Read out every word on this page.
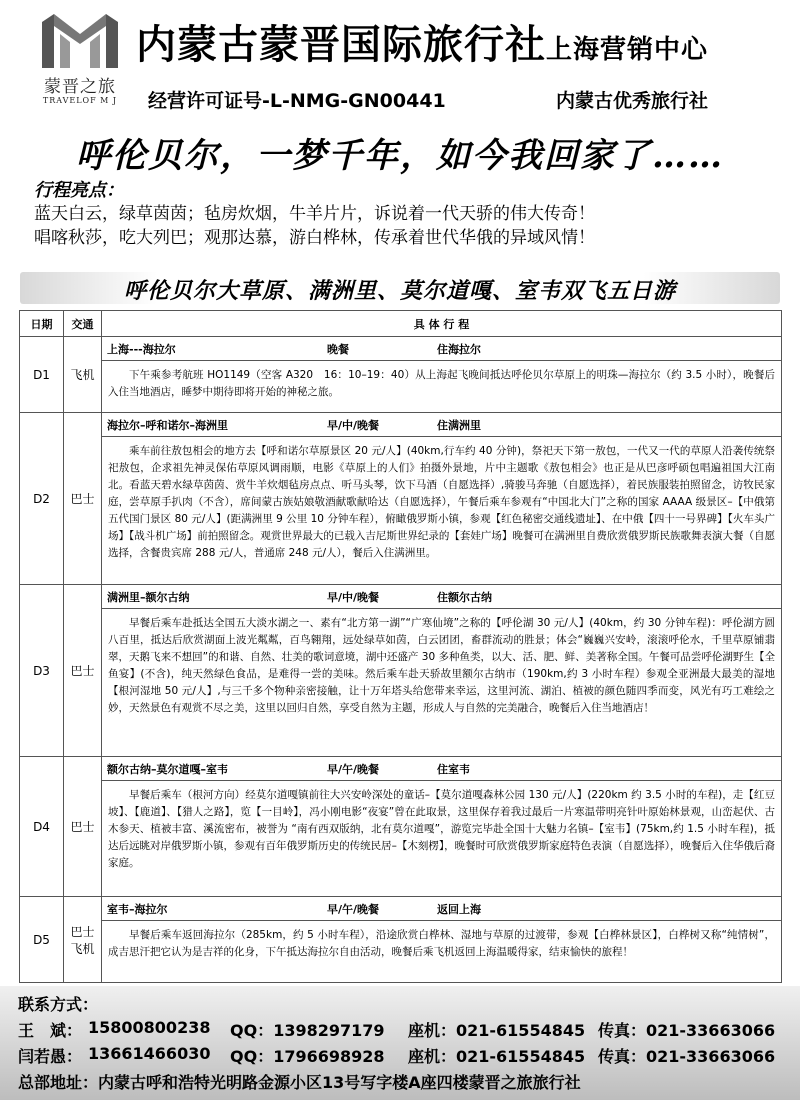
蒙晋之旅
TRAVELOF M J
内蒙古蒙晋国际旅行社上海营销中心
经营许可证号-L-NMG-GN00441	内蒙古优秀旅行社
呼伦贝尔，一梦千年，如今我回家了……
行程亮点：
蓝天白云，绿草茵茵；毡房炊烟，牛羊片片，诉说着一代天骄的伟大传奇！
唱喀秋莎，吃大列巴；观那达慕，游白桦林，传承着世代华俄的异域风情！
呼伦贝尔大草原、满洲里、莫尔道嘎、室韦双飞五日游
日期	交通	具 体 行 程
D1	飞机	上海---海拉尔 晚餐 住海拉尔
下午乘参考航班 HO1149（空客 A320　16：10–19：40）从上海起飞晚间抵达呼伦贝尔草原上的明珠—海拉尔（约 3.5 小时），晚餐后入住当地酒店，睡梦中期待即将开始的神秘之旅。

D2	巴士	海拉尔–呼和诺尔–海洲里 早/中/晚餐 住满洲里
乘车前往敖包相会的地方去【呼和诺尔草原景区 20 元/人】(40km,行车约 40 分钟)，祭祀天下第一敖包，一代又一代的草原人沿袭传统祭祀敖包，企求祖先神灵保佑草原风调雨顺，电影《草原上的人们》拍摄外景地，片中主题歌《敖包相会》也正是从巴彦呼硕包唱遍祖国大江南北。看蓝天碧水绿草茵茵、赏牛羊炊烟毡房点点、听马头琴，饮下马酒（自愿选择）,骑骏马奔驰（自愿选择），着民族服装拍照留念，访牧民家庭，尝草原手扒肉（不含），席间蒙古族姑娘敬酒献歌献哈达（自愿选择），午餐后乘车参观有“中国北大门”之称的国家 AAAA 级景区–【中俄第五代国门景区 80 元/人】(距满洲里 9 公里 10 分钟车程），俯瞰俄罗斯小镇，参观【红色秘密交通线遗址】、在中俄【四十一号界碑】【火车头广场】【战斗机广场】前拍照留念。观赏世界最大的已载入吉尼斯世界纪录的【套娃广场】晚餐可在满洲里自费欣赏俄罗斯民族歌舞表演大餐（自愿选择，含餐贵宾席 288 元/人，普通席 248 元/人），餐后入住满洲里。

D3	巴士	满洲里–额尔古纳 早/中/晚餐 住额尔古纳
早餐后乘车赴抵达全国五大淡水湖之一、素有“北方第一湖”“广寒仙境”之称的【呼伦湖 30 元/人】(40km，约 30 分钟车程)：呼伦湖方圆八百里，抵达后欣赏湖面上波光粼粼，百鸟翱翔，远处绿草如茵，白云团团，畜群流动的胜景；体会“巍巍兴安岭，滚滚呼伦水，千里草原铺翡翠，天鹅飞来不想回”的和谐、自然、壮美的歌词意境，湖中还盛产 30 多种鱼类，以大、活、肥、鲜、美著称全国。午餐可品尝呼伦湖野生【全鱼宴】(不含)，纯天然绿色食品，是难得一尝的美味。然后乘车赴天骄故里额尔古纳市（190km,约 3 小时车程）参观全亚洲最大最美的湿地【根河湿地 50 元/人】,与三千多个物种亲密接触，让十万年塔头给您带来幸运，这里河流、湖泊、植被的颜色随四季而变，风光有巧工难绘之妙，天然景色有观赏不尽之美，这里以回归自然，享受自然为主题，形成人与自然的完美融合，晚餐后入住当地酒店！

D4	巴士	额尔古纳–莫尔道嘎–室韦 早/午/晚餐 住室韦
早餐后乘车（根河方向）经莫尔道嘎镇前往大兴安岭深处的童话–【莫尔道嘎森林公园 130 元/人】(220km 约 3.5 小时的车程)，走【红豆坡】、【鹿道】、【猎人之路】，览【一目岭】，冯小刚电影“夜宴”曾在此取景，这里保存着我过最后一片寒温带明亮针叶原始林景观，山峦起伏、古木参天、植被丰富、溪流密布，被誉为 “南有西双版纳，北有莫尔道嘎”，游览完毕赴全国十大魅力名镇–【室韦】(75km,约 1.5 小时车程)，抵达后远眺对岸俄罗斯小镇，参观有百年俄罗斯历史的传统民居–【木刻楞】，晚餐时可欣赏俄罗斯家庭特色表演（自愿选择），晚餐后入住华俄后裔家庭。

D5	巴士 飞机	室韦–海拉尔 早/午/晚餐 返回上海
早餐后乘车返回海拉尔（285km，约 5 小时车程），沿途欣赏白桦林、湿地与草原的过渡带，参观【白桦林景区】，白桦树又称“纯情树”，成吉思汗把它认为是吉祥的化身，下午抵达海拉尔自由活动，晚餐后乘飞机返回上海温暖得家，结束愉快的旅程！
联系方式：
王　斌： 15800800238 QQ：1398297179 座机：021-61554845 传真：021-33663066
闫若愚： 13661466030 QQ：1796698928 座机：021-61554845 传真：021-33663066
总部地址：内蒙古呼和浩特光明路金源小区13号写字楼A座四楼蒙晋之旅旅行社
